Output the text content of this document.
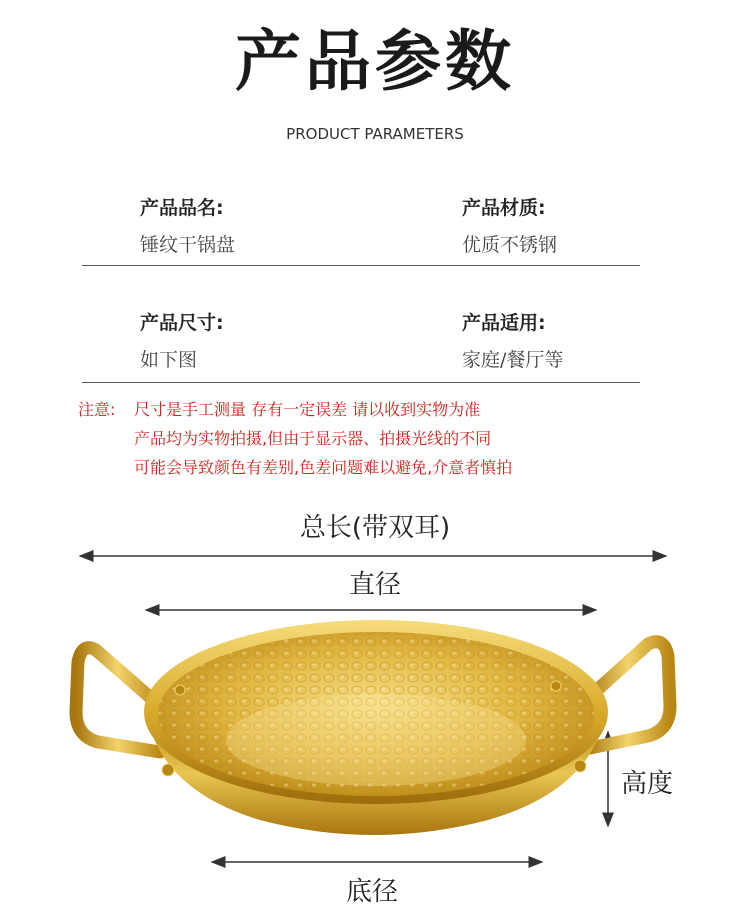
产品参数
PRODUCT PARAMETERS
产品品名:
锤纹干锅盘
产品材质:
优质不锈钢
产品尺寸:
如下图
产品适用:
家庭/餐厅等
注意: 尺寸是手工测量 存有一定误差 请以收到实物为准
产品均为实物拍摄,但由于显示器、拍摄光线的不同
可能会导致颜色有差别,色差问题难以避免,介意者慎拍
总长(带双耳)
直径
高度
底径
